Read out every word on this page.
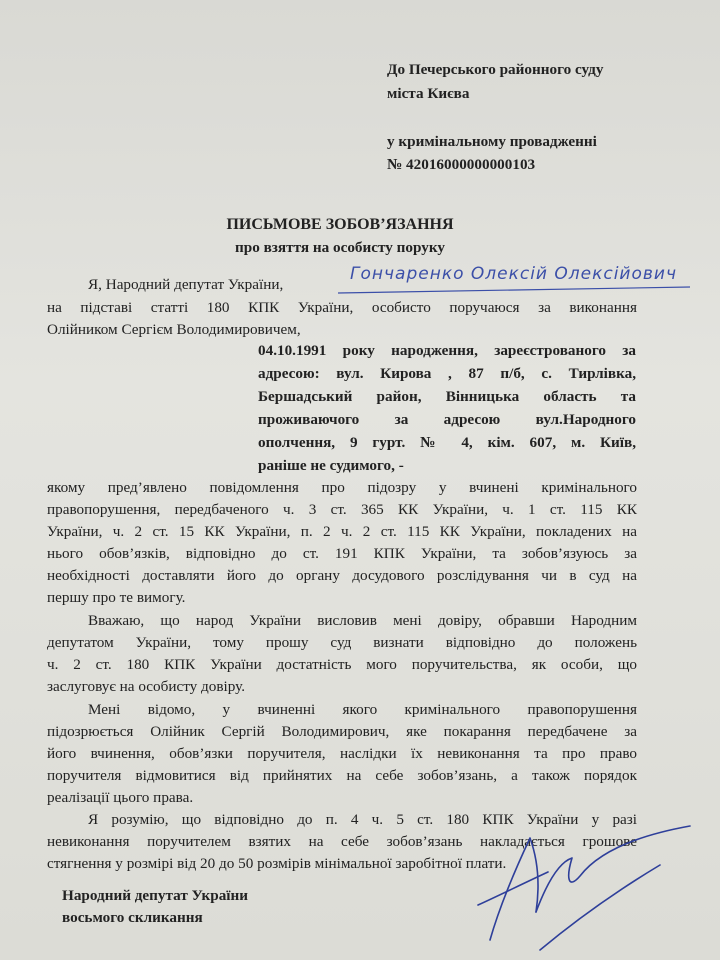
До Печерського районного суду
міста Києва
у кримінальному провадженні
№ 42016000000000103
ПИСЬМОВЕ ЗОБОВ’ЯЗАННЯ
про взяття на особисту поруку
Я, Народний депутат України,
Гончаренко Олексій Олексійович
на підставі статті 180 КПК України, особисто поручаюся за виконання
Олійником Сергієм Володимировичем,
04.10.1991 року народження, зареєстрованого за
адресою: вул. Кирова , 87 п/б, с. Тирлівка,
Бершадський район, Вінницька область та
проживаючого за адресою вул.Народного
ополчення, 9 гурт. № 4, кім. 607, м. Київ,
раніше не судимого, -
якому пред’явлено повідомлення про підозру у вчинені кримінального
правопорушення, передбаченого ч. 3 ст. 365 КК України, ч. 1 ст. 115 КК
України, ч. 2 ст. 15 КК України, п. 2 ч. 2 ст. 115 КК України, покладених на
нього обов’язків, відповідно до ст. 191 КПК України, та зобов’язуюсь за
необхідності доставляти його до органу досудового розслідування чи в суд на
першу про те вимогу.
Вважаю, що народ України висловив мені довіру, обравши Народним
депутатом України, тому прошу суд визнати відповідно до положень
ч. 2 ст. 180 КПК України достатність мого поручительства, як особи, що
заслуговує на особисту довіру.
Мені відомо, у вчиненні якого кримінального правопорушення
підозрюється Олійник Сергій Володимирович, яке покарання передбачене за
його вчинення, обов’язки поручителя, наслідки їх невиконання та про право
поручителя відмовитися від прийнятих на себе зобов’язань, а також порядок
реалізації цього права.
Я розумію, що відповідно до п. 4 ч. 5 ст. 180 КПК України у разі
невиконання поручителем взятих на себе зобов’язань накладається грошове
стягнення у розмірі від 20 до 50 розмірів мінімальної заробітної плати.
Народний депутат України
восьмого скликання
